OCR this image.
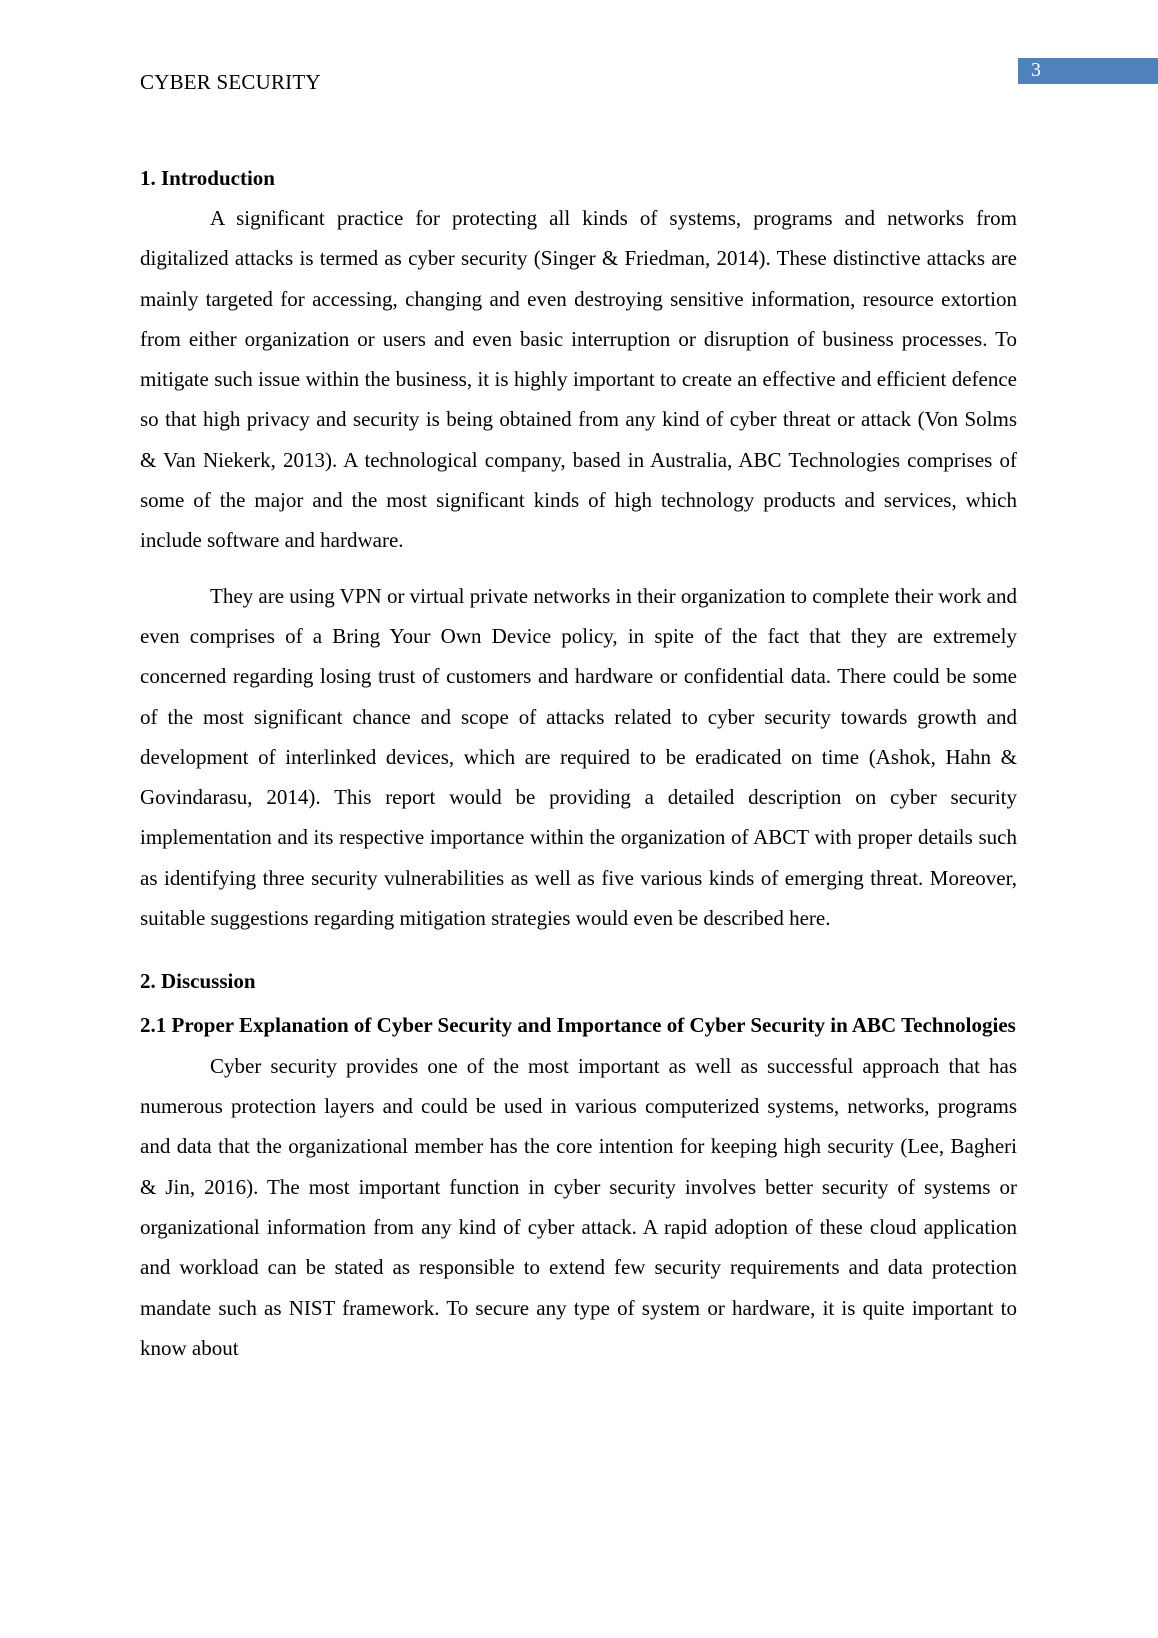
3
CYBER SECURITY
1. Introduction

A significant practice for protecting all kinds of systems, programs and networks from digitalized attacks is termed as cyber security (Singer & Friedman, 2014). These distinctive attacks are mainly targeted for accessing, changing and even destroying sensitive information, resource extortion from either organization or users and even basic interruption or disruption of business processes. To mitigate such issue within the business, it is highly important to create an effective and efficient defence so that high privacy and security is being obtained from any kind of cyber threat or attack (Von Solms & Van Niekerk, 2013). A technological company, based in Australia, ABC Technologies comprises of some of the major and the most significant kinds of high technology products and services, which include software and hardware.

They are using VPN or virtual private networks in their organization to complete their work and even comprises of a Bring Your Own Device policy, in spite of the fact that they are extremely concerned regarding losing trust of customers and hardware or confidential data. There could be some of the most significant chance and scope of attacks related to cyber security towards growth and development of interlinked devices, which are required to be eradicated on time (Ashok, Hahn & Govindarasu, 2014). This report would be providing a detailed description on cyber security implementation and its respective importance within the organization of ABCT with proper details such as identifying three security vulnerabilities as well as five various kinds of emerging threat. Moreover, suitable suggestions regarding mitigation strategies would even be described here.

2. Discussion
2.1 Proper Explanation of Cyber Security and Importance of Cyber Security in ABC Technologies

Cyber security provides one of the most important as well as successful approach that has numerous protection layers and could be used in various computerized systems, networks, programs and data that the organizational member has the core intention for keeping high security (Lee, Bagheri & Jin, 2016). The most important function in cyber security involves better security of systems or organizational information from any kind of cyber attack. A rapid adoption of these cloud application and workload can be stated as responsible to extend few security requirements and data protection mandate such as NIST framework. To secure any type of system or hardware, it is quite important to know about
